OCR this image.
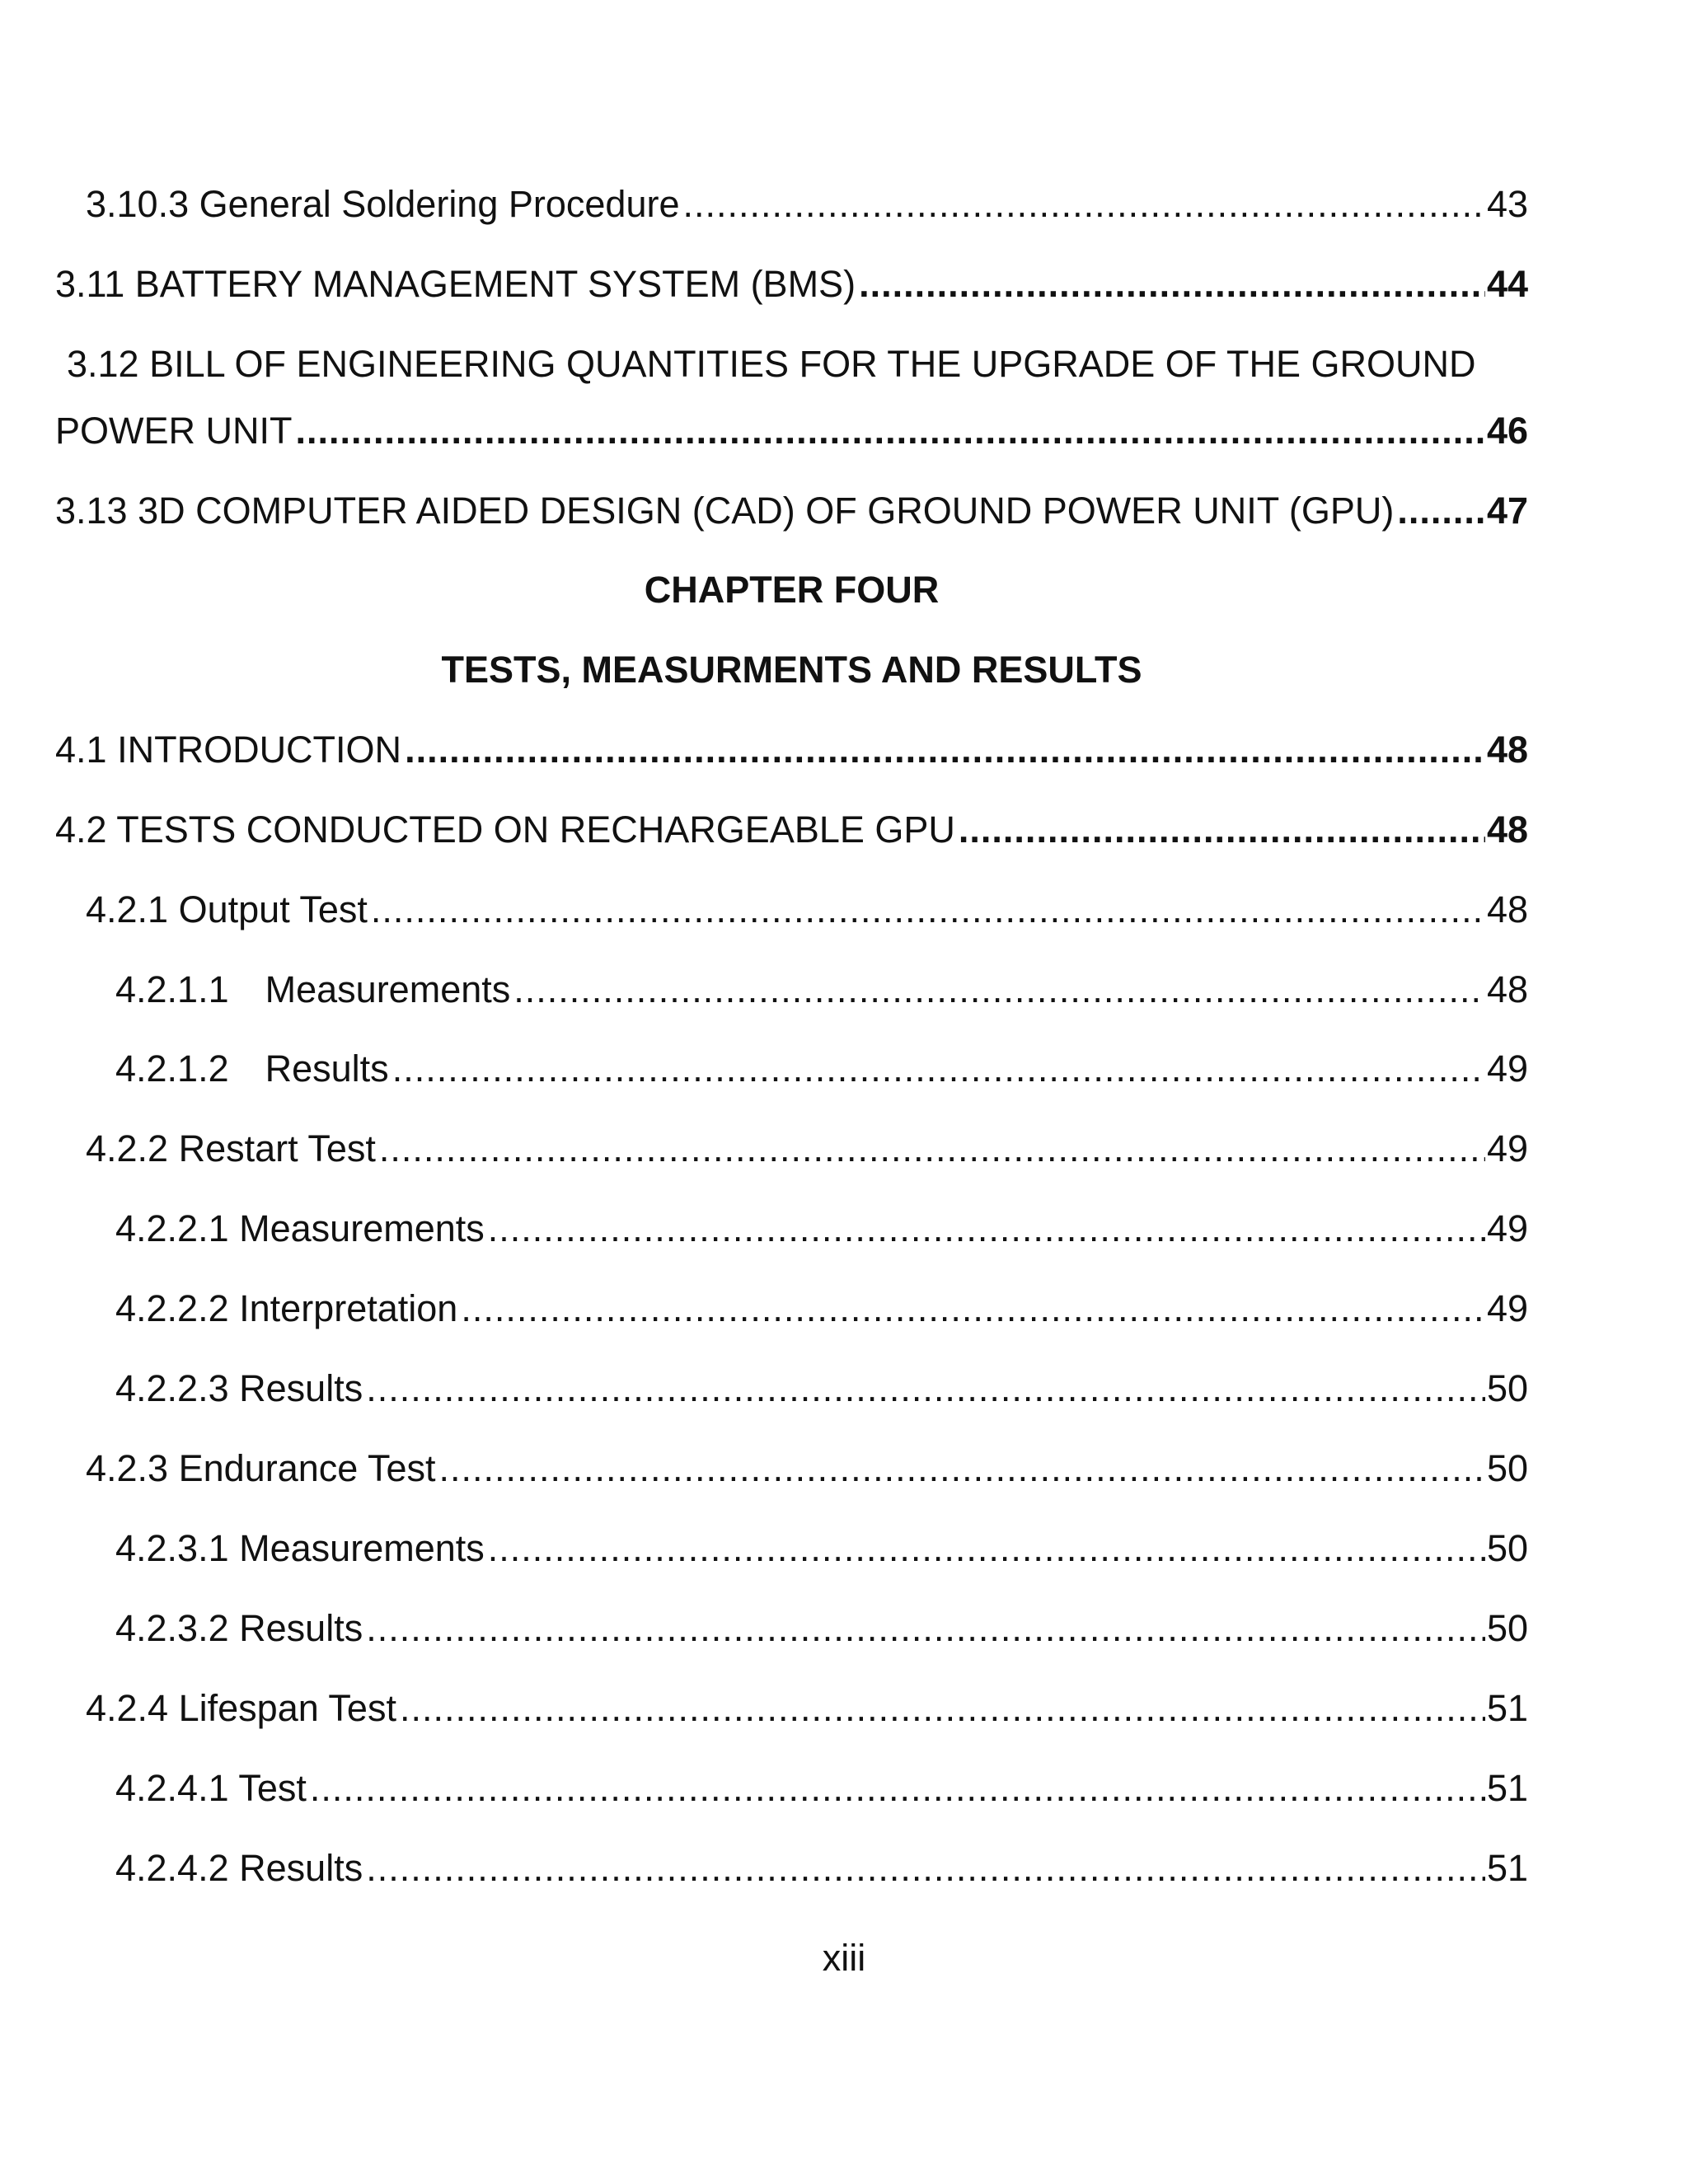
3.10.3 General Soldering Procedure .....	43
3.11 BATTERY MANAGEMENT SYSTEM (BMS) .....	44
3.12 BILL OF ENGINEERING QUANTITIES FOR THE UPGRADE OF THE GROUND
POWER UNIT .....	46
3.13 3D COMPUTER AIDED DESIGN (CAD) OF GROUND POWER UNIT (GPU) .....	47
CHAPTER FOUR
TESTS, MEASURMENTS AND RESULTS
4.1 INTRODUCTION .....	48
4.2 TESTS CONDUCTED ON RECHARGEABLE GPU .....	48
4.2.1 Output Test .....	48
4.2.1.1 Measurements .....	48
4.2.1.2 Results .....	49
4.2.2 Restart Test .....	49
4.2.2.1 Measurements .....	49
4.2.2.2 Interpretation .....	49
4.2.2.3 Results .....	50
4.2.3 Endurance Test .....	50
4.2.3.1 Measurements .....	50
4.2.3.2 Results .....	50
4.2.4 Lifespan Test .....	51
4.2.4.1 Test .....	51
4.2.4.2 Results .....	51
xiii
